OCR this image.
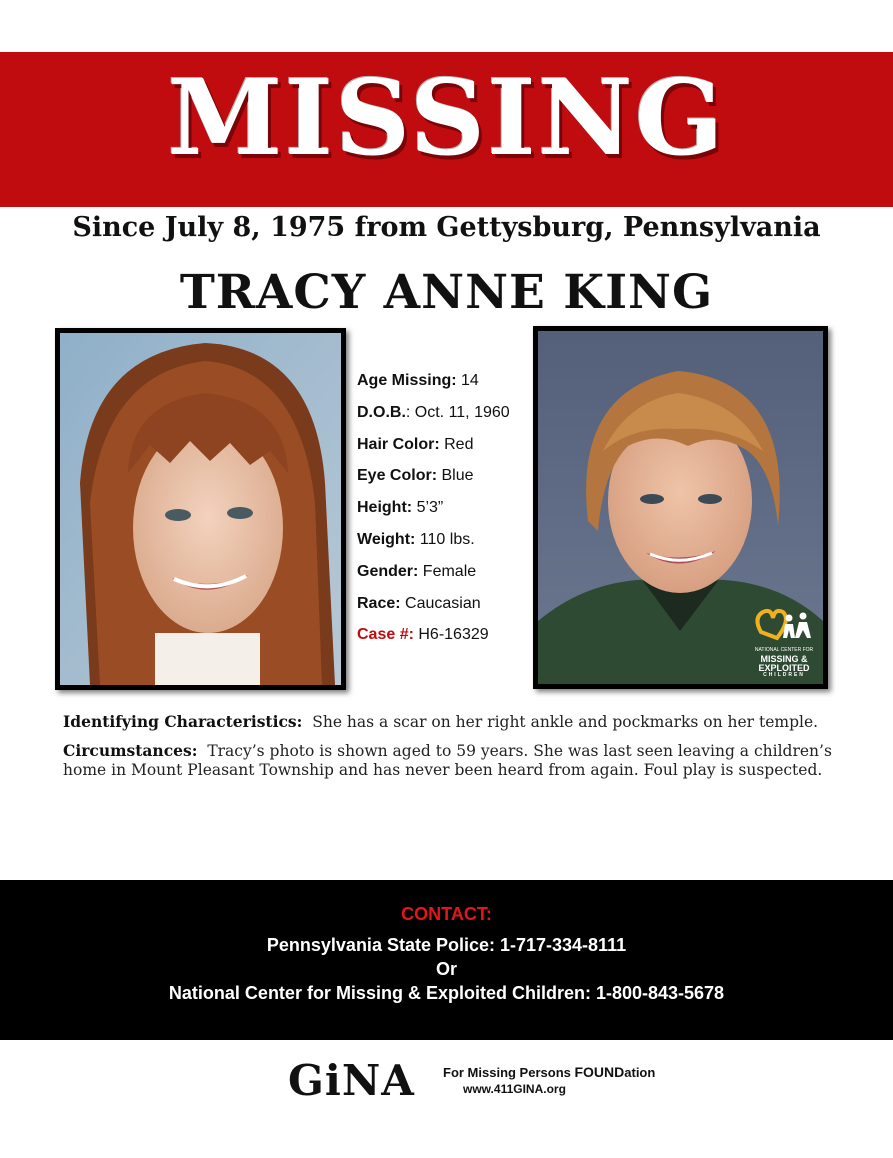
MISSING
Since July 8, 1975 from Gettysburg, Pennsylvania
TRACY ANNE KING
Age Missing: 14
D.O.B.: Oct. 11, 1960
Hair Color: Red
Eye Color: Blue
Height: 5’3”
Weight: 110 lbs.
Gender: Female
Race: Caucasian
Case #: H6-16329
NATIONAL CENTER FOR
MISSING &
EXPLOITED
CHILDREN

Identifying Characteristics: She has a scar on her right ankle and pockmarks on her temple.

Circumstances: Tracy’s photo is shown aged to 59 years. She was last seen leaving a children’s home in Mount Pleasant Township and has never been heard from again. Foul play is suspected.

CONTACT:
Pennsylvania State Police: 1-717-334-8111
Or
National Center for Missing & Exploited Children: 1-800-843-5678
GiNA For Missing Persons FOUNDation
www.411GINA.org
